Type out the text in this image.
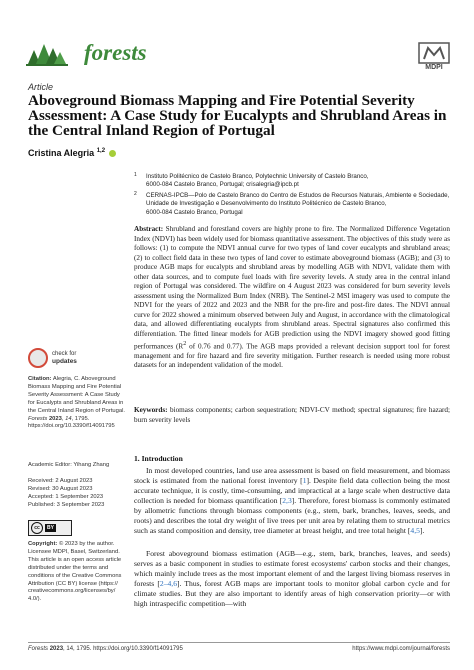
forests
MDPI
Article
Aboveground Biomass Mapping and Fire Potential Severity Assessment: A Case Study for Eucalypts and Shrubland Areas in the Central Inland Region of Portugal
Cristina Alegria $^{1,2}$
1 Instituto Politécnico de Castelo Branco, Polytechnic University of Castelo Branco,
6000-084 Castelo Branco, Portugal; crisalegria@ipcb.pt
2 CERNAS-IPCB—Polo de Castelo Branco do Centro de Estudos de Recursos Naturais, Ambiente e Sociedade,
Unidade de Investigação e Desenvolvimento do Instituto Politécnico de Castelo Branco,
6000-084 Castelo Branco, Portugal
Abstract: Shrubland and forestland covers are highly prone to fire. The Normalized Difference Vegetation Index (NDVI) has been widely used for biomass quantitative assessment. The objectives of this study were as follows: (1) to compute the NDVI annual curve for two types of land cover eucalypts and shrubland areas; (2) to collect field data in these two types of land cover to estimate aboveground biomass (AGB); and (3) to produce AGB maps for eucalypts and shrubland areas by modelling AGB with NDVI, validate them with other data sources, and to compute fuel loads with fire severity levels. A study area in the central inland region of Portugal was considered. The wildfire on 4 August 2023 was considered for burn severity levels assessment using the Normalized Burn Index (NRB). The Sentinel-2 MSI imagery was used to compute the NDVI for the years of 2022 and 2023 and the NBR for the pre-fire and post-fire dates. The NDVI annual curve for 2022 showed a minimum observed between July and August, in accordance with the climatological data, and allowed differentiating eucalypts from shrubland areas. Spectral signatures also confirmed this differentiation. The fitted linear models for AGB prediction using the NDVI imagery showed good fitting performances ($R^2$ of 0.76 and 0.77). The AGB maps provided a relevant decision support tool for forest management and for fire hazard and fire severity mitigation. Further research is needed using more robust datasets for an independent validation of the model.
Keywords: biomass components; carbon sequestration; NDVI-CV method; spectral signatures; fire hazard; burn severity levels
check for
updates
Citation: Alegria, C. Aboveground Biomass Mapping and Fire Potential Severity Assessment: A Case Study for Eucalypts and Shrubland Areas in the Central Inland Region of Portugal. Forests 2023, 14, 1795. https://doi.org/10.3390/f14091795
Academic Editor: Yihang Zhang
Received: 2 August 2023
Revised: 30 August 2023
Accepted: 1 September 2023
Published: 3 September 2023
cc	BY
Copyright: © 2023 by the author. Licensee MDPI, Basel, Switzerland. This article is an open access article distributed under the terms and conditions of the Creative Commons Attribution (CC BY) license (https:// creativecommons.org/licenses/by/ 4.0/).
1. Introduction
In most developed countries, land use area assessment is based on field measurement, and biomass stock is estimated from the national forest inventory [1]. Despite field data collection being the most accurate technique, it is costly, time-consuming, and impractical at a large scale when destructive data collection is needed for biomass quantification [2,3]. Therefore, forest biomass is commonly estimated by allometric functions through biomass components (e.g., stem, bark, branches, leaves, seeds, and roots) and describes the total dry weight of live trees per unit area by relating them to structural metrics such as stand composition and density, tree diameter at breast height, and tree total height [4,5].
Forest aboveground biomass estimation (AGB—e.g., stem, bark, branches, leaves, and seeds) serves as a basic component in studies to estimate forest ecosystems' carbon stocks and their changes, which mainly include trees as the most important element of and the largest living biomass reserves in forests [2–4,6]. Thus, forest AGB maps are important tools to monitor global carbon cycle and for climate studies. But they are also important to identify areas of high conservation priority—or with high intraspecific competition—with
Forests 2023, 14, 1795. https://doi.org/10.3390/f14091795	https://www.mdpi.com/journal/forests
